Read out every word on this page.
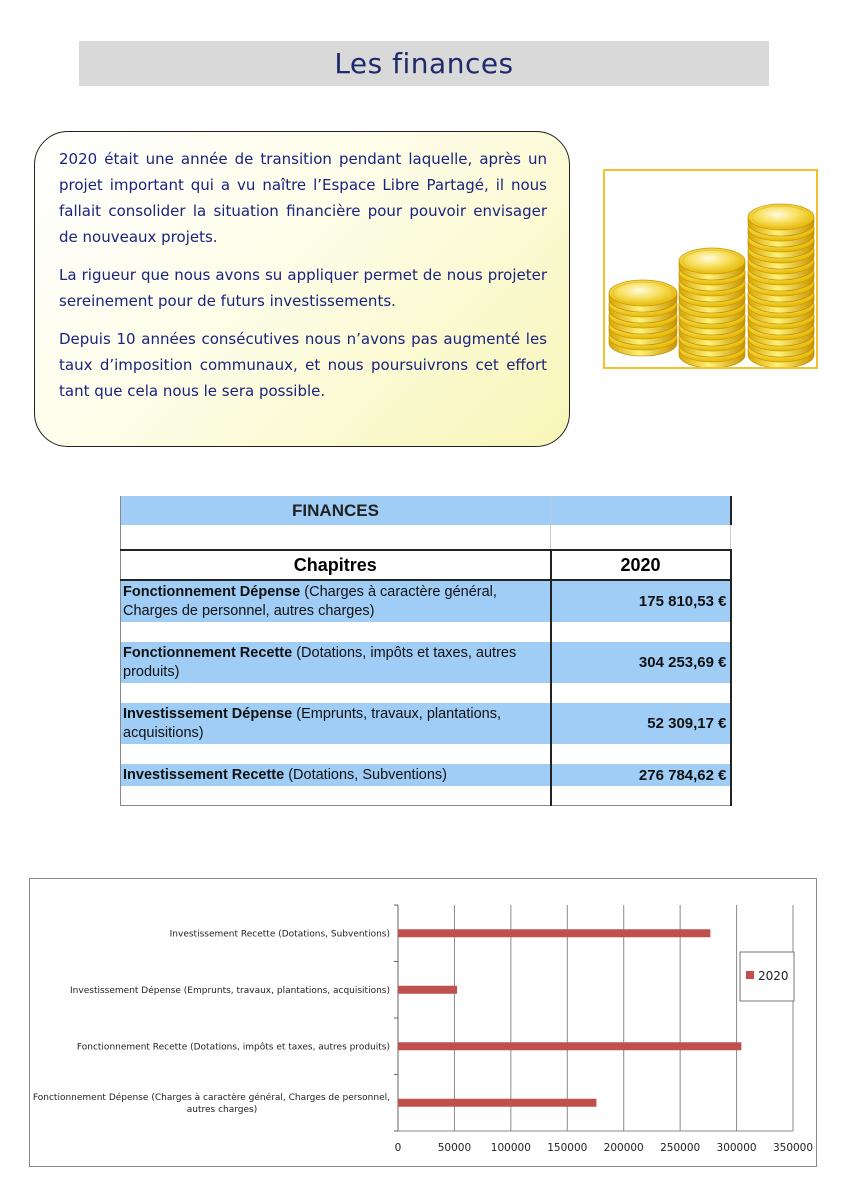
Les finances

2020 était une année de transition pendant laquelle, après un projet important qui a vu naître l’Espace Libre Partagé, il nous fallait consolider la situation financière pour pouvoir envisager de nouveaux projets.

La rigueur que nous avons su appliquer permet de nous projeter sereinement pour de futurs investissements.

Depuis 10 années consécutives nous n’avons pas augmenté les taux d’imposition communaux, et nous poursuivrons cet effort tant que cela nous le sera possible.

FINANCES	

Chapitres	2020
Fonctionnement Dépense (Charges à caractère général, Charges de personnel, autres charges)	175 810,53 €

Fonctionnement Recette (Dotations, impôts et taxes, autres produits)	304 253,69 €

Investissement Dépense (Emprunts, travaux, plantations, acquisitions)	52 309,17 €

Investissement Recette (Dotations, Subventions)	276 784,62 €

0	50000 100000 150000 200000 250000 300000 350000
Fonctionnement Dépense (Charges à caractère général, Charges de personnel,
autres charges)
Fonctionnement Recette (Dotations, impôts et taxes, autres produits)
Investissement Dépense (Emprunts, travaux, plantations, acquisitions)
Investissement Recette (Dotations, Subventions)
2020
